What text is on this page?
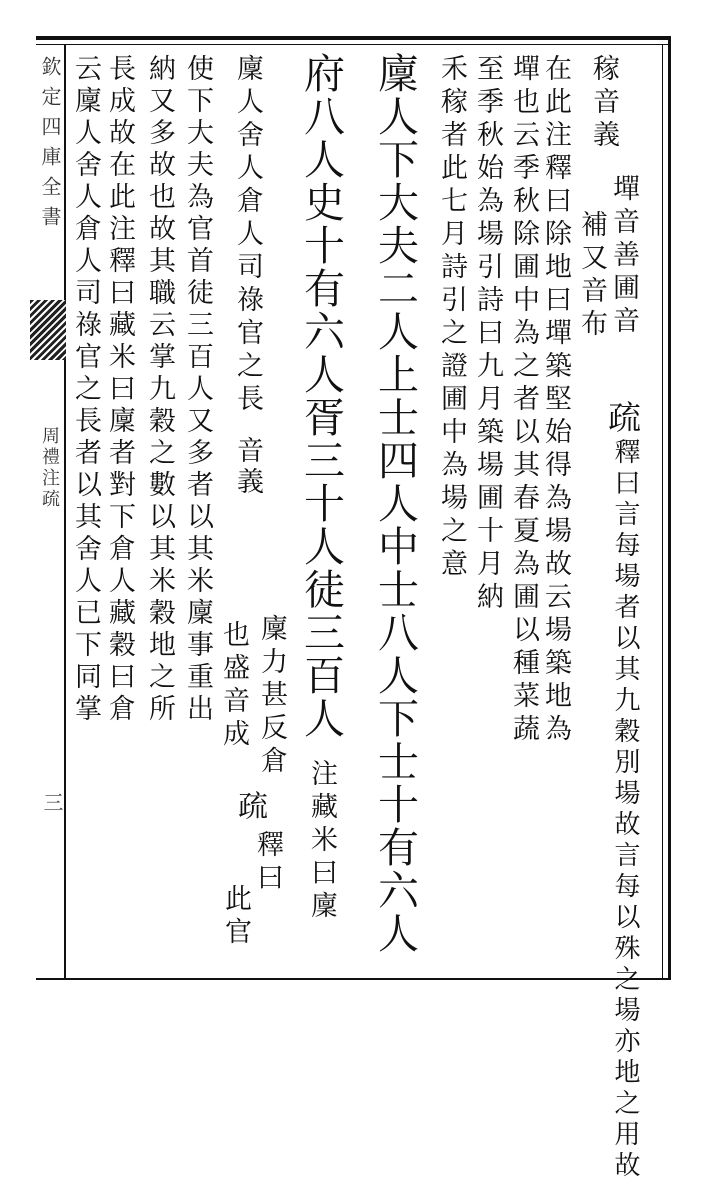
欽定四庫全書
周禮注疏
三
稼音義
墠音善圃音
補又音布
疏
釋曰言每場者以其九穀別場故言每以殊之場亦地之用故
在此注釋曰除地曰墠築堅始得為場故云場築地為
墠也云季秋除圃中為之者以其春夏為圃以種菜蔬
至季秋始為場引詩曰九月築場圃十月納
禾稼者此七月詩引之證圃中為場之意
廩人下大夫二人上士四人中士八人下士十有六人
府八人史十有六人胥三十人徒三百人 注藏米曰廩
廩人舍人倉人司祿官之長 音義
廩力甚反倉
也盛音成
疏
釋曰
此官
使下大夫為官首徒三百人又多者以其米廩事重出
納又多故也故其職云掌九穀之數以其米穀地之所
長成故在此注釋曰藏米曰廩者對下倉人藏穀曰倉
云廩人舍人倉人司祿官之長者以其舍人已下同掌
